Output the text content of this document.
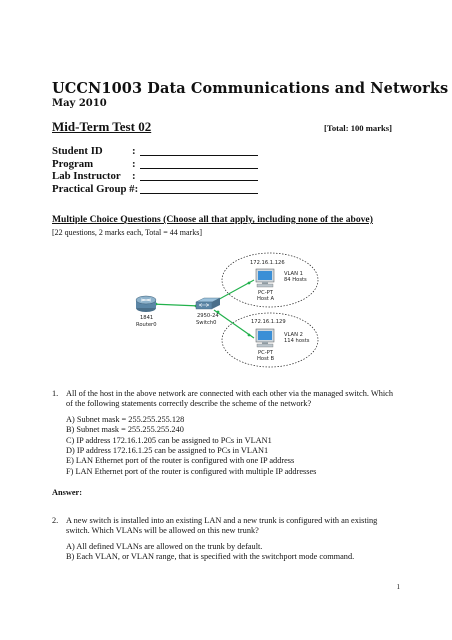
UCCN1003 Data Communications and Networks
May 2010
Mid-Term Test 02	[Total: 100 marks]
Student ID	:
Program	:
Lab Instructor	:
Practical Group #:
Multiple Choice Questions (Choose all that apply, including none of the above)
[22 questions, 2 marks each, Total = 44 marks]
1841
Router0
2950-24
Switch0
172.16.1.126
VLAN 1
84 Hosts
PC-PT
Host A
172.16.1.129
VLAN 2
114 hosts
PC-PT
Host B
1. All of the host in the above network are connected with each other via the managed switch. Which of the following statements correctly describe the scheme of the network?
A) Subnet mask = 255.255.255.128
B) Subnet mask = 255.255.255.240
C) IP address 172.16.1.205 can be assigned to PCs in VLAN1
D) IP address 172.16.1.25 can be assigned to PCs in VLAN1
E) LAN Ethernet port of the router is configured with one IP address
F) LAN Ethernet port of the router is configured with multiple IP addresses
Answer:
2. A new switch is installed into an existing LAN and a new trunk is configured with an existing switch. Which VLANs will be allowed on this new trunk?
A) All defined VLANs are allowed on the trunk by default.
B) Each VLAN, or VLAN range, that is specified with the switchport mode command.
1
